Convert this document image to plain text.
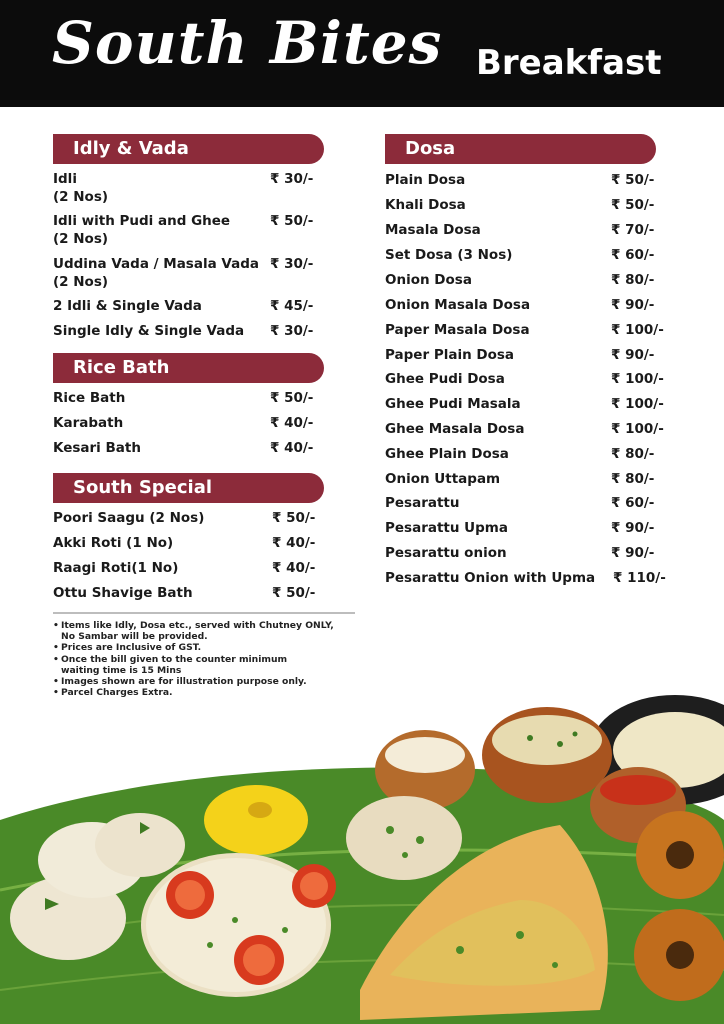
South Bites Breakfast
Idly & Vada
Idli
(2 Nos)
₹ 30/-
Idli with Pudi and Ghee
(2 Nos)
₹ 50/-
Uddina Vada / Masala Vada
(2 Nos)
₹ 30/-
2 Idli & Single Vada	₹ 45/-
Single Idly & Single Vada ₹ 30/-
Rice Bath
Rice Bath	₹ 50/-
Karabath	₹ 40/-
Kesari Bath	₹ 40/-
South Special
Poori Saagu (2 Nos)	₹ 50/-
Akki Roti (1 No)	₹ 40/-
Raagi Roti(1 No)	₹ 40/-
Ottu Shavige Bath	₹ 50/-
Dosa
Plain Dosa	₹ 50/-
Khali Dosa	₹ 50/-
Masala Dosa	₹ 70/-
Set Dosa (3 Nos)	₹ 60/-
Onion Dosa	₹ 80/-
Onion Masala Dosa	₹ 90/-
Paper Masala Dosa	₹ 100/-
Paper Plain Dosa	₹ 90/-
Ghee Pudi Dosa	₹ 100/-
Ghee Pudi Masala	₹ 100/-
Ghee Masala Dosa	₹ 100/-
Ghee Plain Dosa	₹ 80/-
Onion Uttapam	₹ 80/-
Pesarattu	₹ 60/-
Pesarattu Upma	₹ 90/-
Pesarattu onion	₹ 90/-
Pesarattu Onion with Upma ₹ 110/-
• Items like Idly, Dosa etc., served with Chutney ONLY,
No Sambar will be provided.
• Prices are Inclusive of GST.
• Once the bill given to the counter minimum
waiting time is 15 Mins
• Images shown are for illustration purpose only.
• Parcel Charges Extra.
